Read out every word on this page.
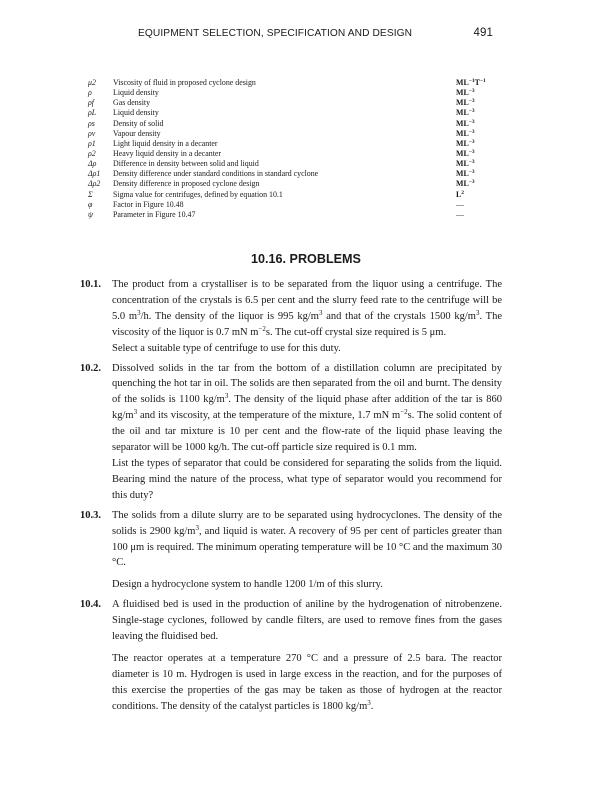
EQUIPMENT SELECTION, SPECIFICATION AND DESIGN	491
μ2 Viscosity of fluid in proposed cyclone design	$ML^{-1}T^{-1}$
ρ	Liquid density	$ML^{-3}$
ρf Gas density	$ML^{-3}$
ρL Liquid density	$ML^{-3}$
ρs Density of solid	$ML^{-3}$
ρv Vapour density	$ML^{-3}$
ρ1 Light liquid density in a decanter	$ML^{-3}$
ρ2 Heavy liquid density in a decanter	$ML^{-3}$
Δρ Difference in density between solid and liquid	$ML^{-3}$
Δρ1 Density difference under standard conditions in standard cyclone	$ML^{-3}$
Δρ2 Density difference in proposed cyclone design	$ML^{-3}$
Σ	Sigma value for centrifuges, defined by equation 10.1	$L^2$
φ	Factor in Figure 10.48	—
ψ	Parameter in Figure 10.47	—
10.16. PROBLEMS
10.1. The product from a crystalliser is to be separated from the liquor using a centrifuge. The concentration of the crystals is 6.5 per cent and the slurry feed rate to the centrifuge will be 5.0 $m^3/h$. The density of the liquor is 995 $kg/m^3$ and that of the crystals 1500 $kg/m^3$. The viscosity of the liquor is 0.7 mN $m^{-2}s$. The cut-off crystal size required is 5 μm.

Select a suitable type of centrifuge to use for this duty.

10.2. Dissolved solids in the tar from the bottom of a distillation column are precipitated by quenching the hot tar in oil. The solids are then separated from the oil and burnt. The density of the solids is 1100 $kg/m^3$. The density of the liquid phase after addition of the tar is 860 $kg/m^3$ and its viscosity, at the temperature of the mixture, 1.7 mN $m^{-2}s$. The solid content of the oil and tar mixture is 10 per cent and the flow-rate of the liquid phase leaving the separator will be 1000 kg/h. The cut-off particle size required is 0.1 mm.

List the types of separator that could be considered for separating the solids from the liquid. Bearing mind the nature of the process, what type of separator would you recommend for this duty?

10.3. The solids from a dilute slurry are to be separated using hydrocyclones. The density of the solids is 2900 $kg/m^3$, and liquid is water. A recovery of 95 per cent of particles greater than 100 μm is required. The minimum operating temperature will be 10 °C and the maximum 30 °C.

Design a hydrocyclone system to handle 1200 1/m of this slurry.

10.4. A fluidised bed is used in the production of aniline by the hydrogenation of nitrobenzene. Single-stage cyclones, followed by candle filters, are used to remove fines from the gases leaving the fluidised bed.

The reactor operates at a temperature 270 °C and a pressure of 2.5 bara. The reactor diameter is 10 m. Hydrogen is used in large excess in the reaction, and for the purposes of this exercise the properties of the gas may be taken as those of hydrogen at the reactor conditions. The density of the catalyst particles is 1800 $kg/m^3$.
